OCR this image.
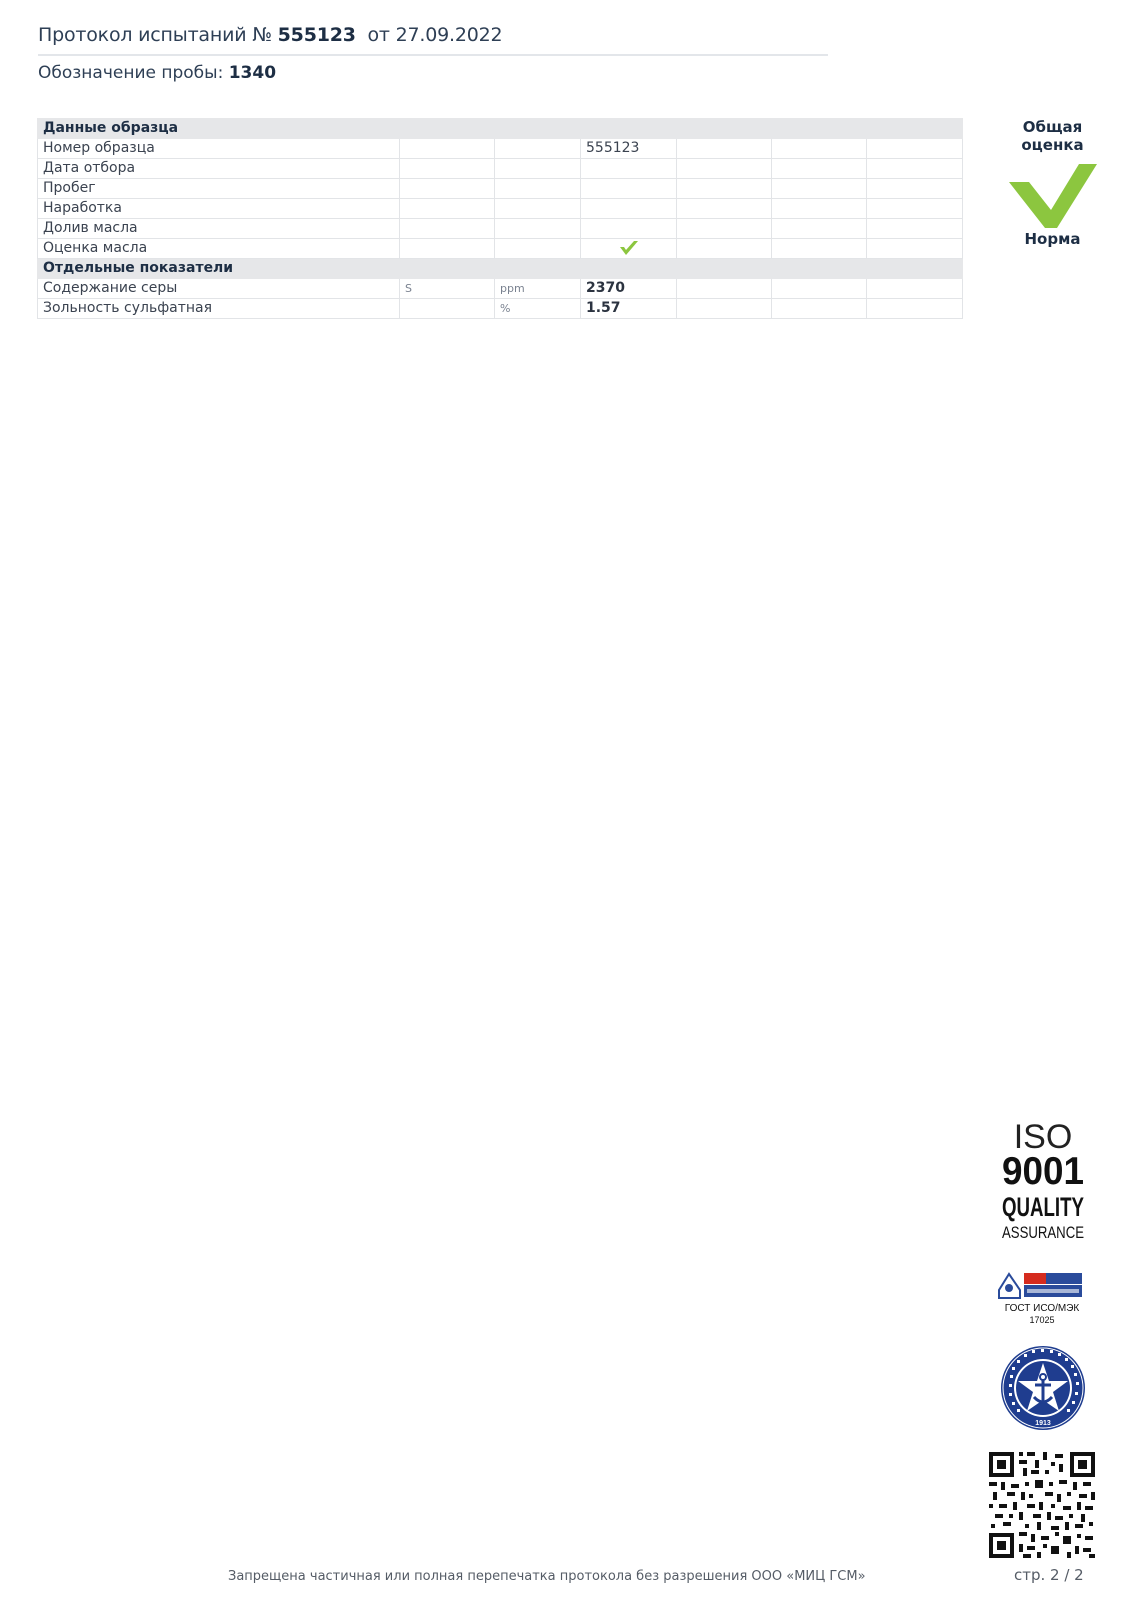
Протокол испытаний № 555123 от 27.09.2022
Обозначение пробы: 1340
Данные образца						
Номер образца			555123			
Дата отбора						
Пробег						
Наработка						
Долив масла						
Оценка масла						
Отдельные показатели						
Содержание серы	S	ppm	2370			
Зольность сульфатная		%	1.57			
Общая оценка
Норма
ISO
9001
QUALITY
ASSURANCE
ГОСТ ИСО/МЭК
17025
1913
Запрещена частичная или полная перепечатка протокола без разрешения ООО «МИЦ ГСМ»	стр. 2 / 2
